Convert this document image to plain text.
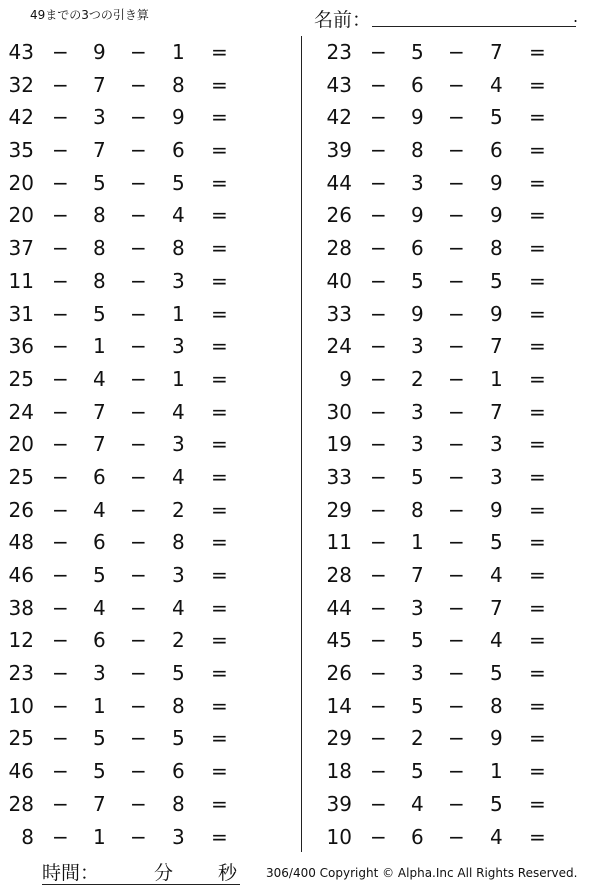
49までの3つの引き算	名前：	.
43 − 9 − 1 =
32 − 7 − 8 =
42 − 3 − 9 =
35 − 7 − 6 =
20 − 5 − 5 =
20 − 8 − 4 =
37 − 8 − 8 =
11 − 8 − 3 =
31 − 5 − 1 =
36 − 1 − 3 =
25 − 4 − 1 =
24 − 7 − 4 =
20 − 7 − 3 =
25 − 6 − 4 =
26 − 4 − 2 =
48 − 6 − 8 =
46 − 5 − 3 =
38 − 4 − 4 =
12 − 6 − 2 =
23 − 3 − 5 =
10 − 1 − 8 =
25 − 5 − 5 =
46 − 5 − 6 =
28 − 7 − 8 =
8 − 1 − 3 =
23 − 5 − 7 =
43 − 6 − 4 =
42 − 9 − 5 =
39 − 8 − 6 =
44 − 3 − 9 =
26 − 9 − 9 =
28 − 6 − 8 =
40 − 5 − 5 =
33 − 9 − 9 =
24 − 3 − 7 =
9 − 2 − 1 =
30 − 3 − 7 =
19 − 3 − 3 =
33 − 5 − 3 =
29 − 8 − 9 =
11 − 1 − 5 =
28 − 7 − 4 =
44 − 3 − 7 =
45 − 5 − 4 =
26 − 3 − 5 =
14 − 5 − 8 =
29 − 2 − 9 =
18 − 5 − 1 =
39 − 4 − 5 =
10 − 6 − 4 =
時間：	分 秒 306/400 Copyright © Alpha.Inc All Rights Reserved.
